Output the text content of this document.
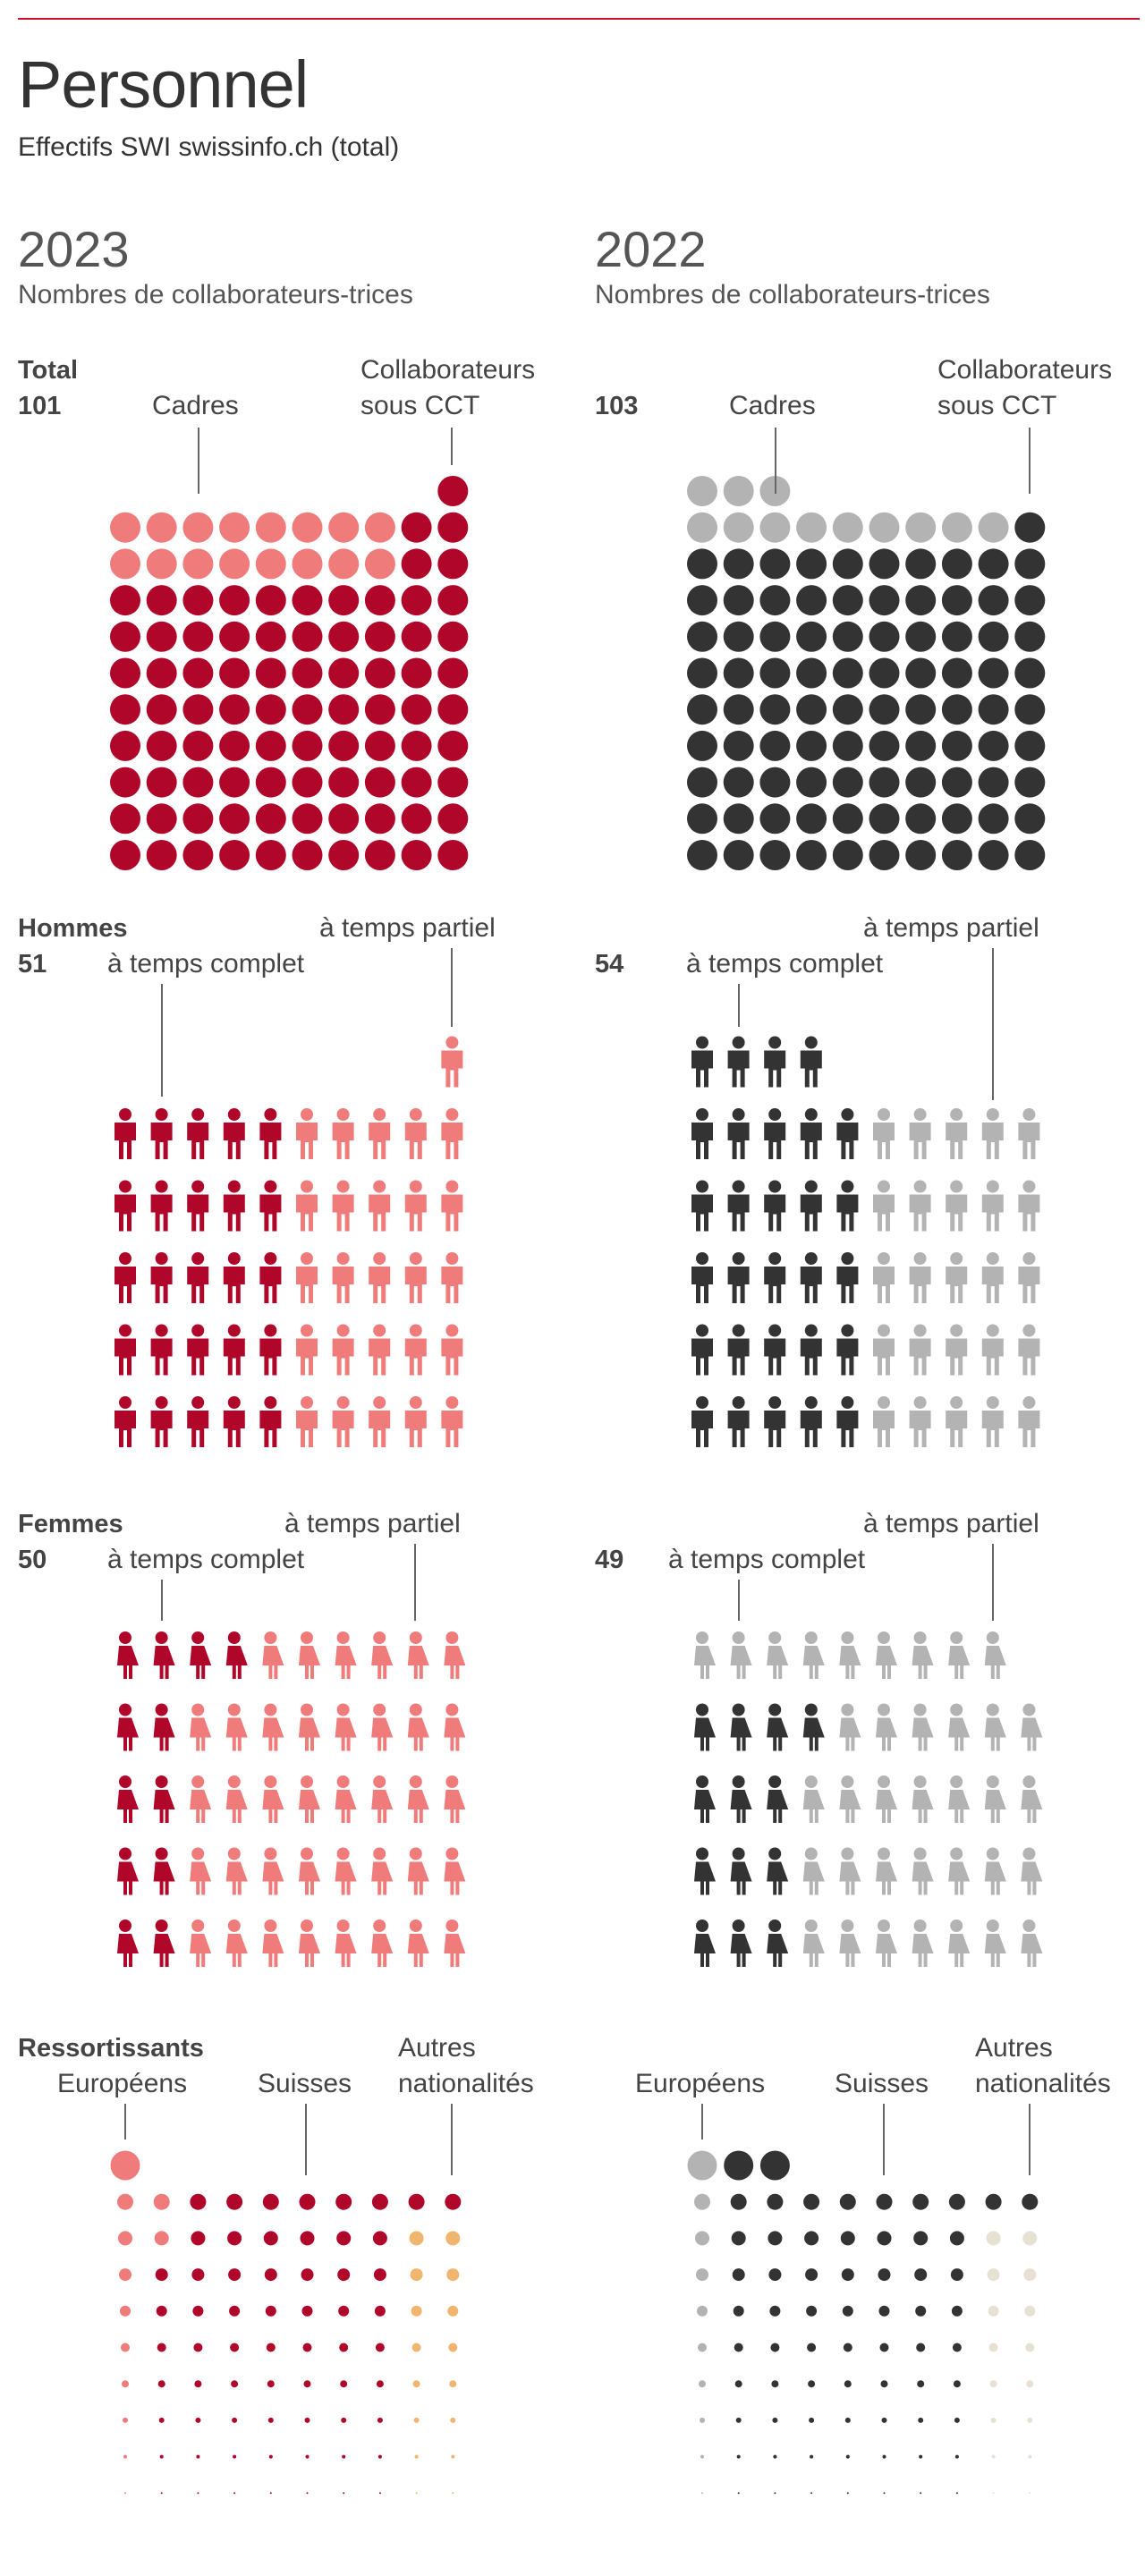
Personnel
Effectifs SWI swissinfo.ch (total)
2023
Nombres de collaborateurs-trices
2022
Nombres de collaborateurs-trices
Total
101	Cadres
Collaborateurs sous CCT	103	Cadres
Collaborateurs sous CCT
Hommes
51 à temps complet
à temps partiel
54 à temps complet
à temps partiel
Femmes
50 à temps complet
à temps partiel
49 à temps complet
à temps partiel
Ressortissants
Européens	Suisses
Autres nationalités	Européens	Suisses
Autres nationalités
